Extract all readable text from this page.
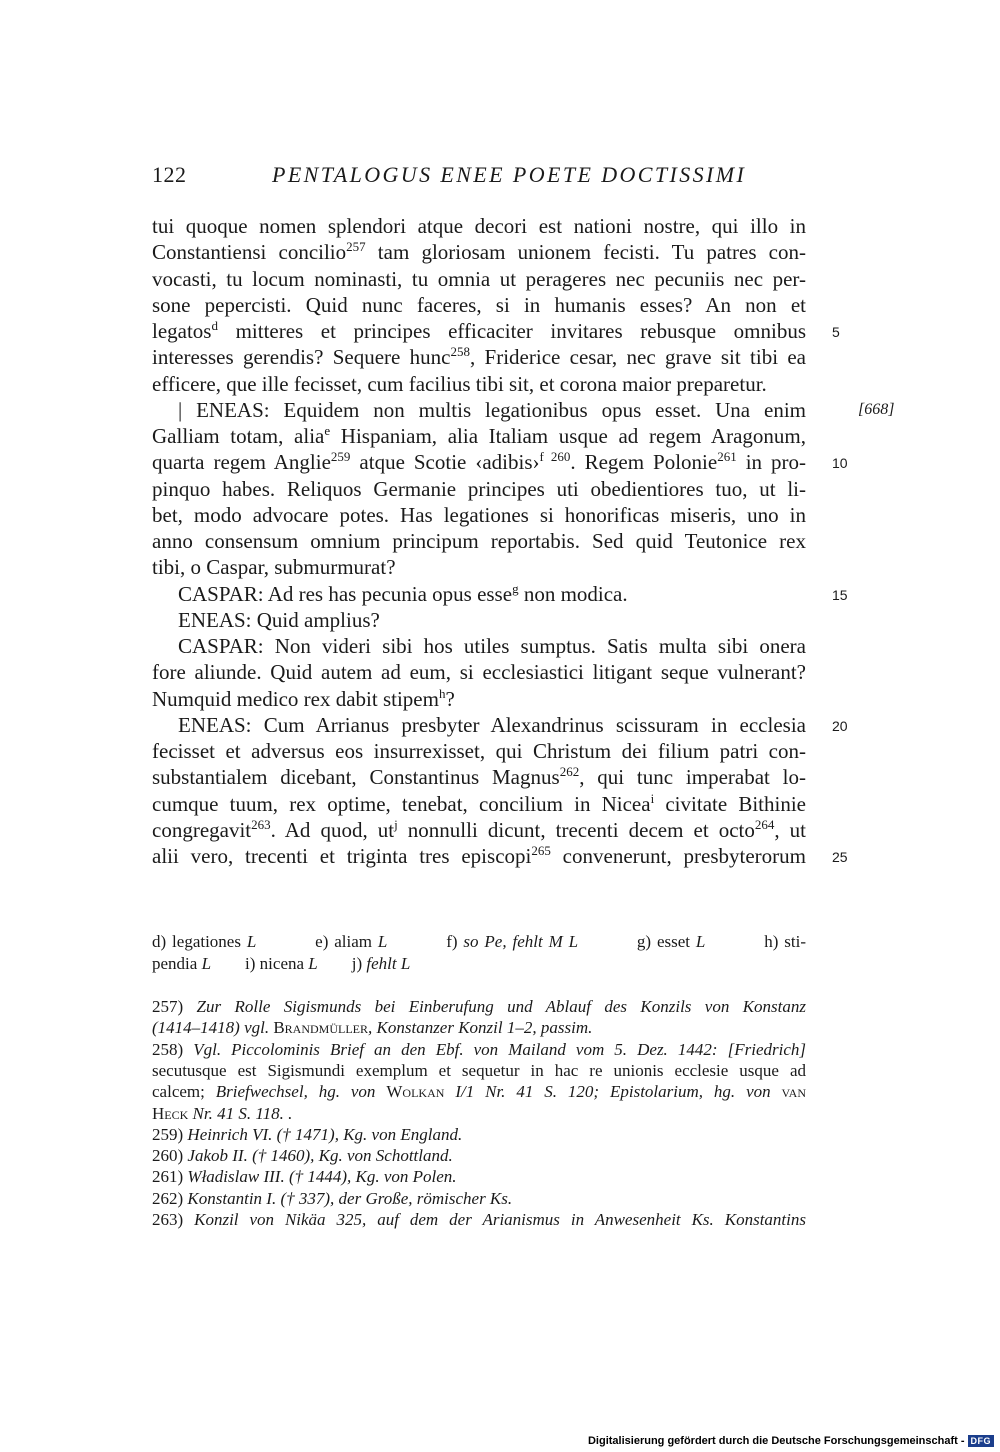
122	PENTALOGUS ENEE POETE DOCTISSIMI
tui quoque nomen splendori atque decori est nationi nostre, qui illo in
Constantiensi concilio$^{257}$ tam gloriosam unionem fecisti. Tu patres con-
vocasti, tu locum nominasti, tu omnia ut perageres nec pecuniis nec per-
sone pepercisti. Quid nunc faceres, si in humanis esses? An non et
legatos$^d$ mitteres et principes efficaciter invitares rebusque omnibus 5
interesses gerendis? Sequere hunc$^{258}$, Friderice cesar, nec grave sit tibi ea
efficere, que ille fecisset, cum facilius tibi sit, et corona maior preparetur.
| ENEAS: Equidem non multis legationibus opus esset. Una enim	[668]
Galliam totam, alia$^e$ Hispaniam, alia Italiam usque ad regem Aragonum,
quarta regem Anglie$^{259}$ atque Scotie ‹adibis›$^{f 260}$. Regem Polonie$^{261}$ in pro- 10
pinquo habes. Reliquos Germanie principes uti obedientiores tuo, ut li-
bet, modo advocare potes. Has legationes si honorificas miseris, uno in
anno consensum omnium principum reportabis. Sed quid Teutonice rex
tibi, o Caspar, submurmurat?
CASPAR: Ad res has pecunia opus esse$^g$ non modica.	15
ENEAS: Quid amplius?
CASPAR: Non videri sibi hos utiles sumptus. Satis multa sibi onera
fore aliunde. Quid autem ad eum, si ecclesiastici litigant seque vulnerant?
Numquid medico rex dabit stipem$^h$?
ENEAS: Cum Arrianus presbyter Alexandrinus scissuram in ecclesia 20
fecisset et adversus eos insurrexisset, qui Christum dei filium patri con-
substantialem dicebant, Constantinus Magnus$^{262}$, qui tunc imperabat lo-
cumque tuum, rex optime, tenebat, concilium in Nicea$^i$ civitate Bithinie
congregavit$^{263}$. Ad quod, $ut^j$ nonnulli dicunt, trecenti decem et octo$^{264}$, ut
alii vero, trecenti et triginta tres episcopi$^{265}$ convenerunt, presbyterorum 25
d) legationes L          e) aliam L          f) so Pe, fehlt M L          g) esset L          h) sti-
pendia L        i) nicena L        j) fehlt L
257) Zur Rolle Sigismunds bei Einberufung und Ablauf des Konzils von Konstanz
(1414–1418) vgl. Brandmüller, Konstanzer Konzil 1–2, passim.
258) Vgl. Piccolominis Brief an den Ebf. von Mailand vom 5. Dez. 1442: [Friedrich]
secutusque est Sigismundi exemplum et sequetur in hac re unionis ecclesie usque ad
calcem; Briefwechsel, hg. von Wolkan I/1 Nr. 41 S. 120; Epistolarium, hg. von van
Heck Nr. 41 S. 118. .
259) Heinrich VI. († 1471), Kg. von England.
260) Jakob II. († 1460), Kg. von Schottland.
261) Władislaw III. († 1444), Kg. von Polen.
262) Konstantin I. († 337), der Große, römischer Ks.
263) Konzil von Nikäa 325, auf dem der Arianismus in Anwesenheit Ks. Konstantins
Digitalisierung gefördert durch die Deutsche Forschungsgemeinschaft - DFG
